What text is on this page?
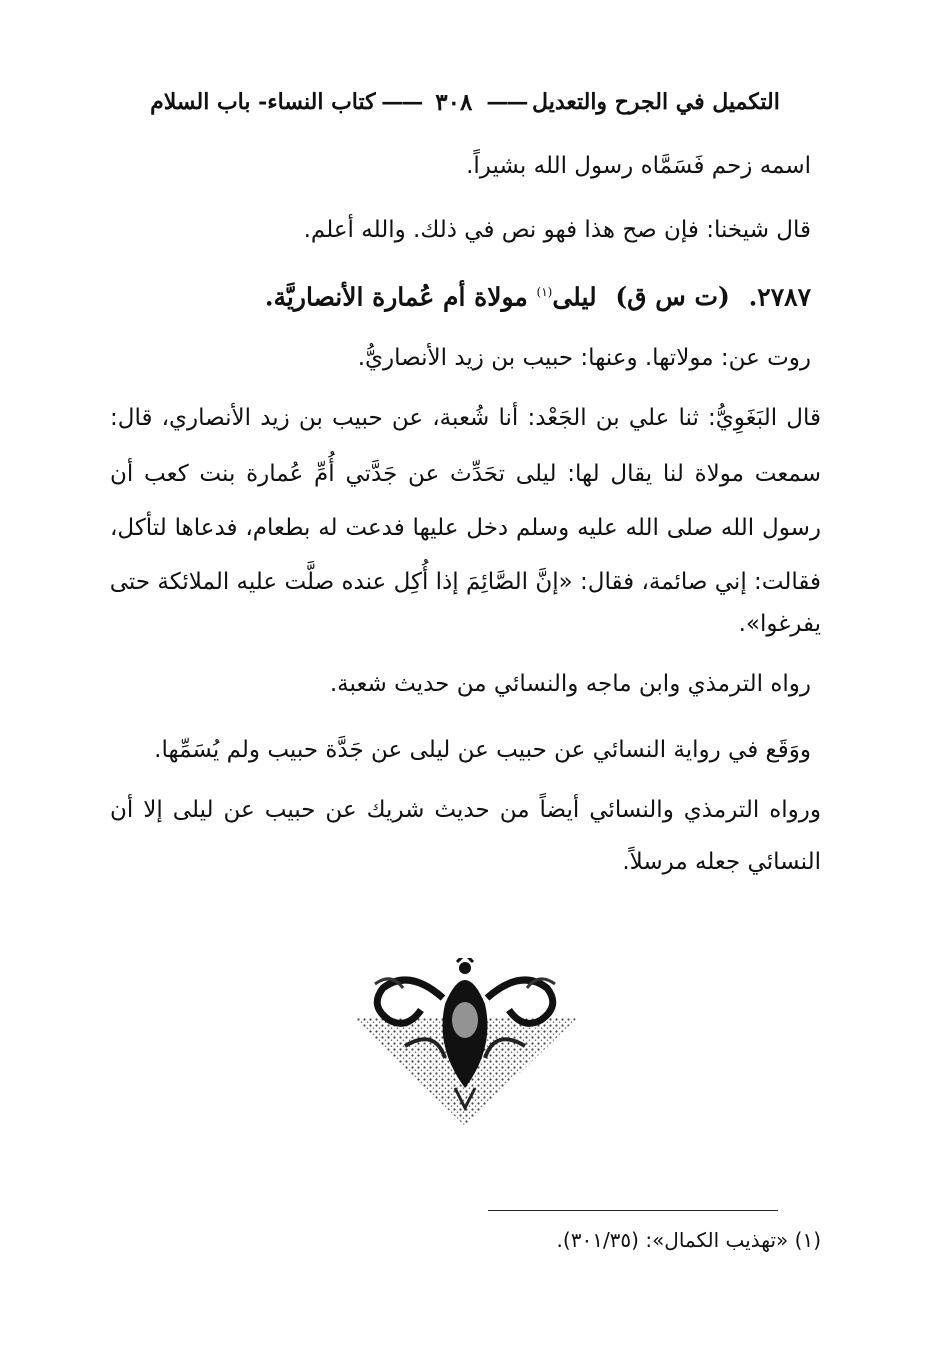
التكميل في الجرح والتعديل
——
٣٠٨
——
كتاب النساء- باب السلام
اسمه زحم فَسَمَّاه رسول الله بشيراً.
قال شيخنا: فإن صح هذا فهو نص في ذلك. والله أعلم.
٢٧٨٧. (ت س ق) ليلى$^{(١)}$ مولاة أم عُمارة الأنصاريَّة.
روت عن: مولاتها. وعنها: حبيب بن زيد الأنصاريُّ.
قال البَغَوِيُّ: ثنا علي بن الجَعْد: أنا شُعبة، عن حبيب بن زيد الأنصاري، قال:
سمعت مولاة لنا يقال لها: ليلى تحَدِّث عن جَدَّتي أُمِّ عُمارة بنت كعب أن
رسول الله صلى الله عليه وسلم دخل عليها فدعت له بطعام، فدعاها لتأكل،
فقالت: إني صائمة، فقال: «إنَّ الصَّائِمَ إذا أُكِل عنده صلَّت عليه الملائكة حتى
يفرغوا».
رواه الترمذي وابن ماجه والنسائي من حديث شعبة.
ووَقَع في رواية النسائي عن حبيب عن ليلى عن جَدَّة حبيب ولم يُسَمِّها.
ورواه الترمذي والنسائي أيضاً من حديث شريك عن حبيب عن ليلى إلا أن
النسائي جعله مرسلاً.
(١) «تهذيب الكمال»: (٣٠١/٣٥).
